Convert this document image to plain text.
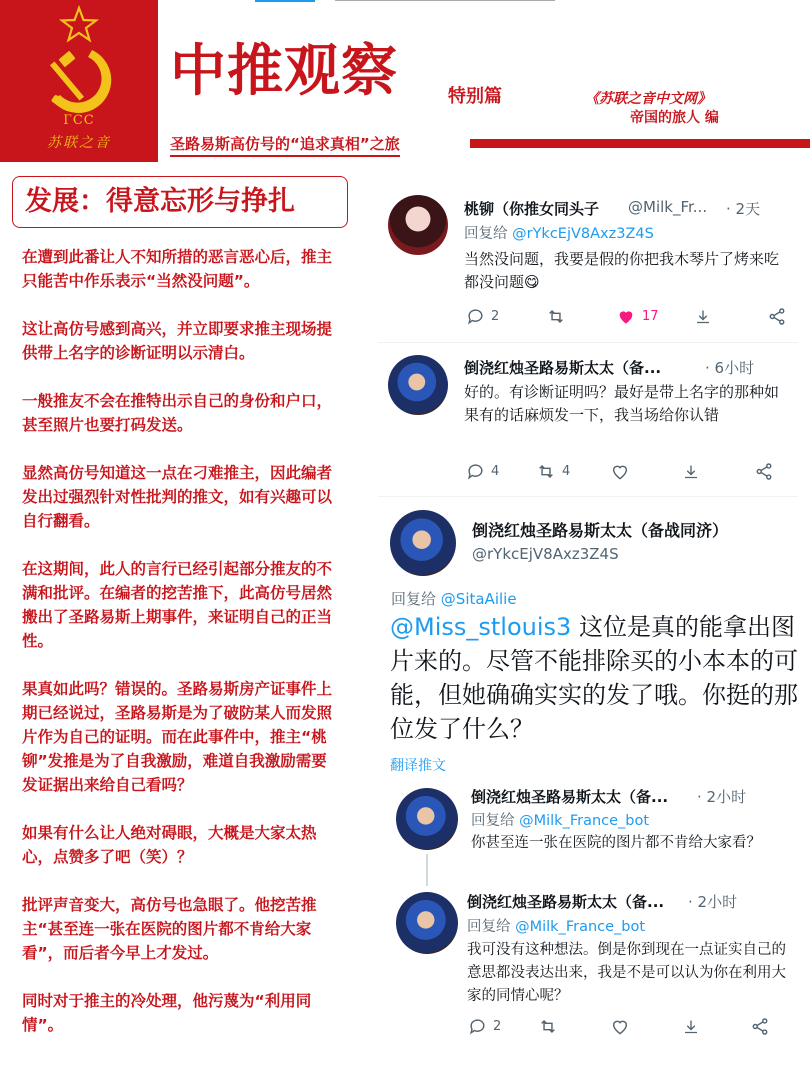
ГСС
苏联之音
中推观察	特别篇	《苏联之音中文网》
帝国的旅人 编
圣路易斯高仿号的“追求真相”之旅
发展：得意忘形与挣扎

在遭到此番让人不知所措的恶言恶心后，推主只能苦中作乐表示“当然没问题”。

这让高仿号感到高兴，并立即要求推主现场提供带上名字的诊断证明以示清白。

一般推友不会在推特出示自己的身份和户口，甚至照片也要打码发送。

显然高仿号知道这一点在刁难推主，因此编者发出过强烈针对性批判的推文，如有兴趣可以自行翻看。

在这期间，此人的言行已经引起部分推友的不满和批评。在编者的挖苦推下，此高仿号居然搬出了圣路易斯上期事件，来证明自己的正当性。

果真如此吗？错误的。圣路易斯房产证事件上期已经说过，圣路易斯是为了破防某人而发照片作为自己的证明。而在此事件中，推主“桃铆”发推是为了自我激励，难道自我激励需要发证据出来给自己看吗？

如果有什么让人绝对碍眼，大概是大家太热心，点赞多了吧（笑）？

批评声音变大，高仿号也急眼了。他挖苦推主“甚至连一张在医院的图片都不肯给大家看”，而后者今早上才发过。

同时对于推主的冷处理，他污蔑为“利用同情”。

桃铆（你推女同头子 @Milk_Fr... · 2天
回复给 @rYkcEjV8Axz3Z4S
当然没问题，我要是假的你把我木琴片了烤来吃都没问题😋
2	17
倒浇红烛圣路易斯太太（备...	· 6小时
好的。有诊断证明吗？最好是带上名字的那种如果有的话麻烦发一下，我当场给你认错
4	4
倒浇红烛圣路易斯太太（备战同济）
@rYkcEjV8Axz3Z4S
回复给 @SitaAilie
@Miss_stlouis3 这位是真的能拿出图片来的。尽管不能排除买的小本本的可能，但她确确实实的发了哦。你挺的那位发了什么？
翻译推文
倒浇红烛圣路易斯太太（备... · 2小时
回复给 @Milk_France_bot
你甚至连一张在医院的图片都不肯给大家看？
倒浇红烛圣路易斯太太（备... · 2小时
回复给 @Milk_France_bot
我可没有这种想法。倒是你到现在一点证实自己的意思都没表达出来，我是不是可以认为你在利用大家的同情心呢？
2
